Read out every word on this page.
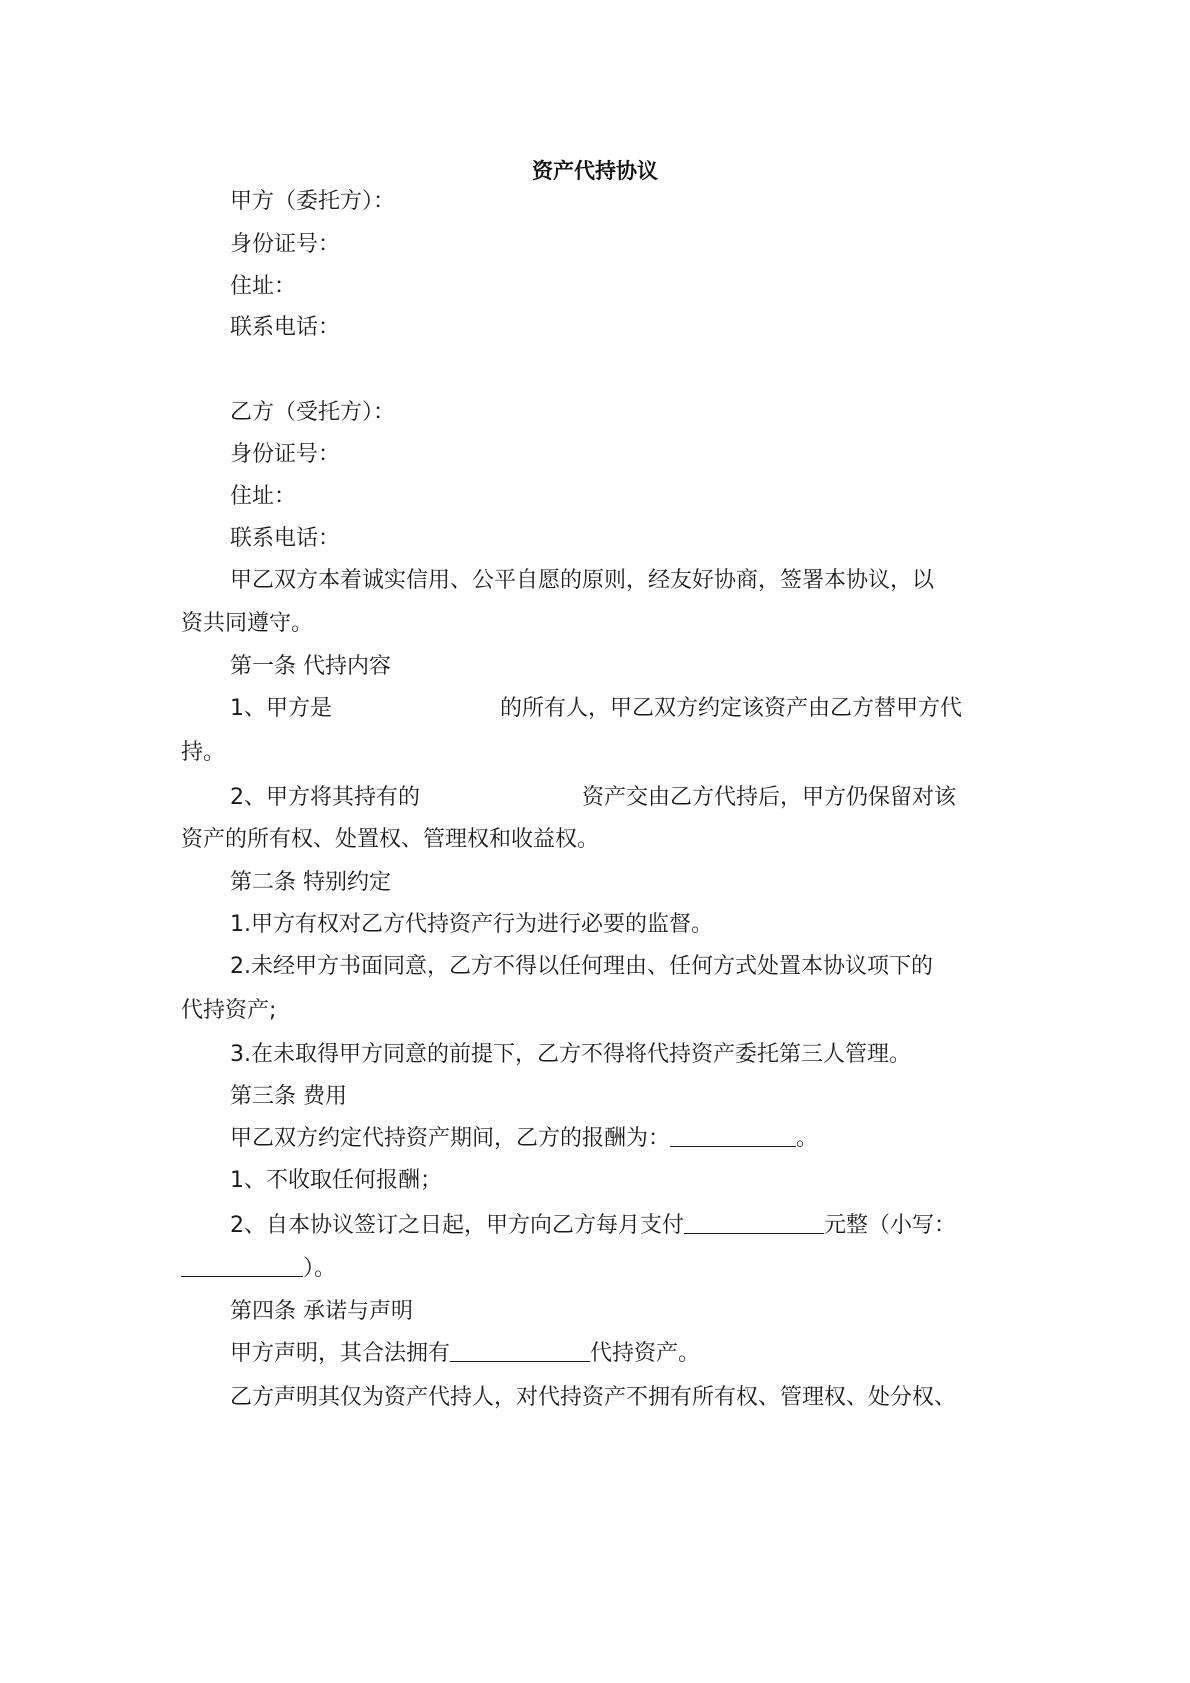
资产代持协议
甲方（委托方）：
身份证号：
住址：
联系电话：
乙方（受托方）：
身份证号：
住址：
联系电话：
甲乙双方本着诚实信用、公平自愿的原则，经友好协商，签署本协议，以
资共同遵守。
第一条 代持内容
1、甲方是	的所有人，甲乙双方约定该资产由乙方替甲方代
持。
2、甲方将其持有的	资产交由乙方代持后，甲方仍保留对该
资产的所有权、处置权、管理权和收益权。
第二条 特别约定
1.甲方有权对乙方代持资产行为进行必要的监督。
2.未经甲方书面同意，乙方不得以任何理由、任何方式处置本协议项下的
代持资产;
3.在未取得甲方同意的前提下，乙方不得将代持资产委托第三人管理。
第三条 费用
甲乙双方约定代持资产期间，乙方的报酬为：	。
1、不收取任何报酬；
2、自本协议签订之日起，甲方向乙方每月支付	元整（小写：
）。
第四条 承诺与声明
甲方声明，其合法拥有	代持资产。
乙方声明其仅为资产代持人，对代持资产不拥有所有权、管理权、处分权、
